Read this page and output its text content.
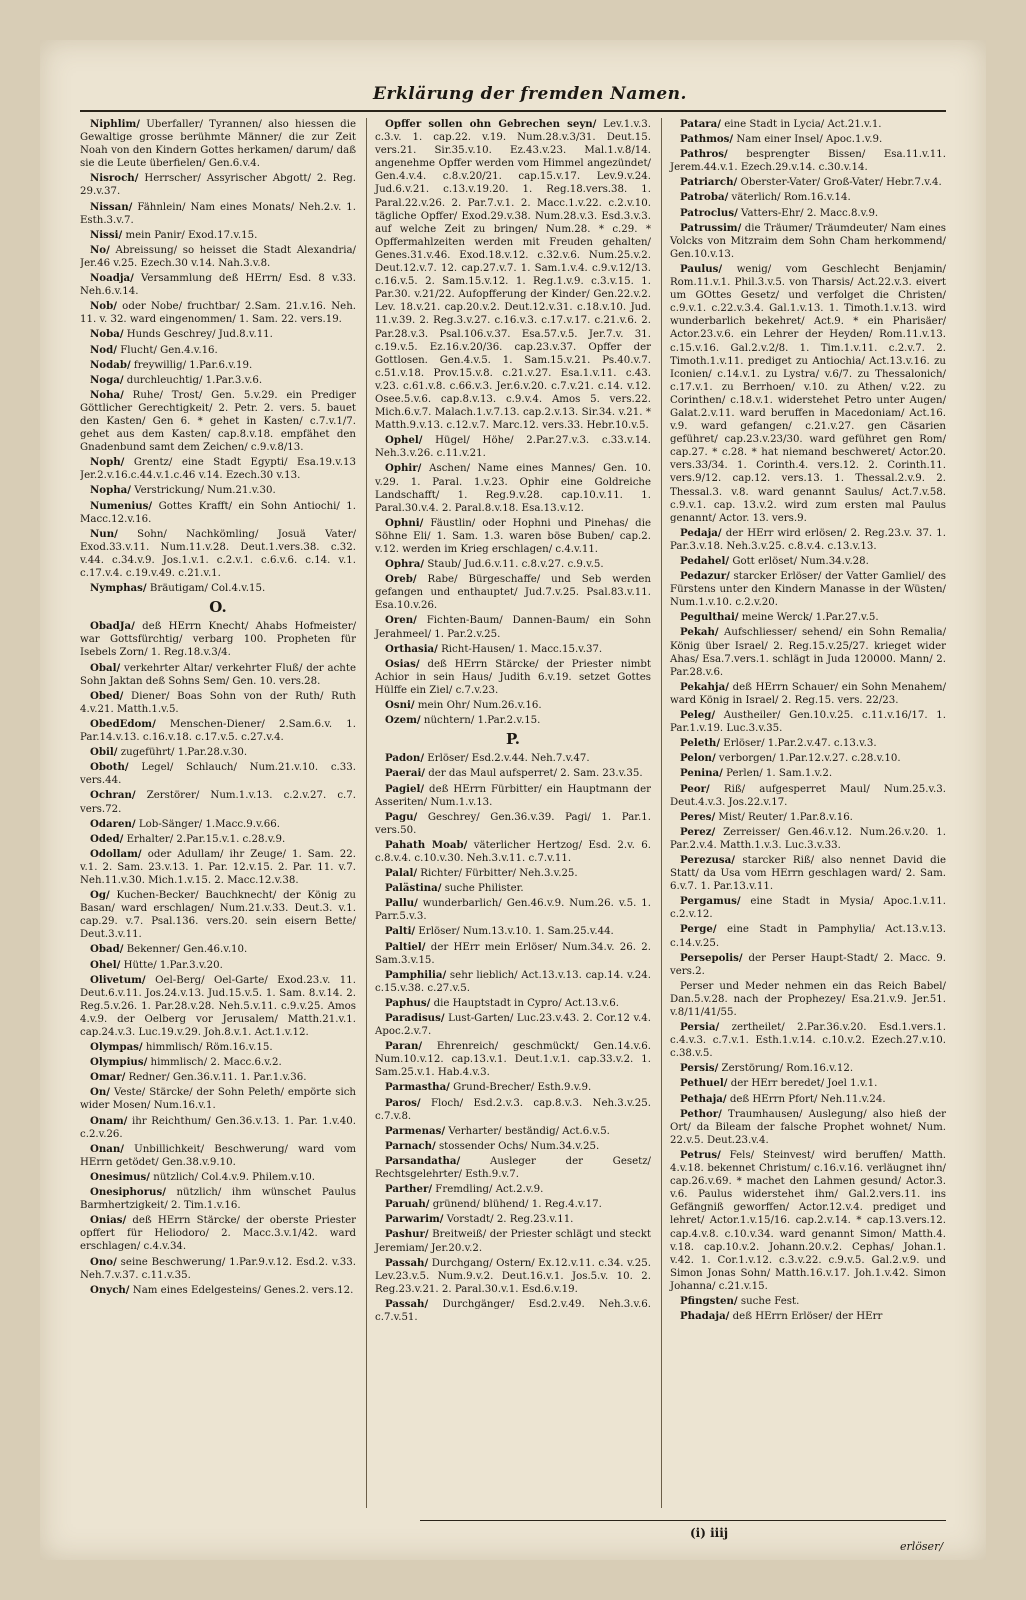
Erklärung der fremden Namen.
Niphlim/ Uberfaller/ Tyrannen/ also hiessen die Gewaltige grosse berühmte Männer/ die zur Zeit Noah von den Kindern Gottes herkamen/ darum/ daß sie die Leute überfielen/ Gen.6.v.4.
Nisroch/ Herrscher/ Assyrischer Abgott/ 2. Reg. 29.v.37.
Nissan/ Fähnlein/ Nam eines Monats/ Neh.2.v. 1. Esth.3.v.7.
Nissi/ mein Panir/ Exod.17.v.15.
No/ Abreissung/ so heisset die Stadt Alexandria/ Jer.46 v.25. Ezech.30 v.14. Nah.3.v.8.
Noadja/ Versammlung deß HErrn/ Esd. 8 v.33. Neh.6.v.14.
Nob/ oder Nobe/ fruchtbar/ 2.Sam. 21.v.16. Neh. 11. v. 32. ward eingenommen/ 1. Sam. 22. vers.19.
Noba/ Hunds Geschrey/ Jud.8.v.11.
Nod/ Flucht/ Gen.4.v.16.
Nodab/ freywillig/ 1.Par.6.v.19.
Noga/ durchleuchtig/ 1.Par.3.v.6.
Noha/ Ruhe/ Trost/ Gen. 5.v.29. ein Prediger Göttlicher Gerechtigkeit/ 2. Petr. 2. vers. 5. bauet den Kasten/ Gen 6. * gehet in Kasten/ c.7.v.1/7. gehet aus dem Kasten/ cap.8.v.18. empfähet den Gnadenbund samt dem Zeichen/ c.9.v.8/13.
Noph/ Grentz/ eine Stadt Egypti/ Esa.19.v.13 Jer.2.v.16.c.44.v.1.c.46 v.14. Ezech.30 v.13.
Nopha/ Verstrickung/ Num.21.v.30.
Numenius/ Gottes Krafft/ ein Sohn Antiochi/ 1. Macc.12.v.16.
Nun/ Sohn/ Nachkömling/ Josuä Vater/ Exod.33.v.11. Num.11.v.28. Deut.1.vers.38. c.32. v.44. c.34.v.9. Jos.1.v.1. c.2.v.1. c.6.v.6. c.14. v.1. c.17.v.4. c.19.v.49. c.21.v.1.
Nymphas/ Bräutigam/ Col.4.v.15.
O.
ObadJa/ deß HErrn Knecht/ Ahabs Hofmeister/ war Gottsfürchtig/ verbarg 100. Propheten für Isebels Zorn/ 1. Reg.18.v.3/4.
Obal/ verkehrter Altar/ verkehrter Fluß/ der achte Sohn Jaktan deß Sohns Sem/ Gen. 10. vers.28.
Obed/ Diener/ Boas Sohn von der Ruth/ Ruth 4.v.21. Matth.1.v.5.
ObedEdom/ Menschen-Diener/ 2.Sam.6.v. 1. Par.14.v.13. c.16.v.18. c.17.v.5. c.27.v.4.
Obil/ zugeführt/ 1.Par.28.v.30.
Oboth/ Legel/ Schlauch/ Num.21.v.10. c.33. vers.44.
Ochran/ Zerstörer/ Num.1.v.13. c.2.v.27. c.7. vers.72.
Odaren/ Lob-Sänger/ 1.Macc.9.v.66.
Oded/ Erhalter/ 2.Par.15.v.1. c.28.v.9.
Odollam/ oder Adullam/ ihr Zeuge/ 1. Sam. 22. v.1. 2. Sam. 23.v.13. 1. Par. 12.v.15. 2. Par. 11. v.7. Neh.11.v.30. Mich.1.v.15. 2. Macc.12.v.38.
Og/ Kuchen-Becker/ Bauchknecht/ der König zu Basan/ ward erschlagen/ Num.21.v.33. Deut.3. v.1. cap.29. v.7. Psal.136. vers.20. sein eisern Bette/ Deut.3.v.11.
Obad/ Bekenner/ Gen.46.v.10.
Ohel/ Hütte/ 1.Par.3.v.20.
Olivetum/ Oel-Berg/ Oel-Garte/ Exod.23.v. 11. Deut.6.v.11. Jos.24.v.13. Jud.15.v.5. 1. Sam. 8.v.14. 2. Reg.5.v.26. 1. Par.28.v.28. Neh.5.v.11. c.9.v.25. Amos 4.v.9. der Oelberg vor Jerusalem/ Matth.21.v.1. cap.24.v.3. Luc.19.v.29. Joh.8.v.1. Act.1.v.12.
Olympas/ himmlisch/ Röm.16.v.15.
Olympius/ himmlisch/ 2. Macc.6.v.2.
Omar/ Redner/ Gen.36.v.11. 1. Par.1.v.36.
On/ Veste/ Stärcke/ der Sohn Peleth/ empörte sich wider Mosen/ Num.16.v.1.
Onam/ ihr Reichthum/ Gen.36.v.13. 1. Par. 1.v.40. c.2.v.26.
Onan/ Unbillichkeit/ Beschwerung/ ward vom HErrn getödet/ Gen.38.v.9.10.
Onesimus/ nützlich/ Col.4.v.9. Philem.v.10.
Onesiphorus/ nützlich/ ihm wünschet Paulus Barmhertzigkeit/ 2. Tim.1.v.16.
Onias/ deß HErrn Stärcke/ der oberste Priester opffert für Heliodoro/ 2. Macc.3.v.1/42. ward erschlagen/ c.4.v.34.
Ono/ seine Beschwerung/ 1.Par.9.v.12. Esd.2. v.33. Neh.7.v.37. c.11.v.35.
Onych/ Nam eines Edelgesteins/ Genes.2. vers.12.
Opffer sollen ohn Gebrechen seyn/ Lev.1.v.3. c.3.v. 1. cap.22. v.19. Num.28.v.3/31. Deut.15. vers.21. Sir.35.v.10. Ez.43.v.23. Mal.1.v.8/14. angenehme Opffer werden vom Himmel angezündet/ Gen.4.v.4. c.8.v.20/21. cap.15.v.17. Lev.9.v.24. Jud.6.v.21. c.13.v.19.20. 1. Reg.18.vers.38. 1. Paral.22.v.26. 2. Par.7.v.1. 2. Macc.1.v.22. c.2.v.10. tägliche Opffer/ Exod.29.v.38. Num.28.v.3. Esd.3.v.3. auf welche Zeit zu bringen/ Num.28. * c.29. * Opffermahlzeiten werden mit Freuden gehalten/ Genes.31.v.46. Exod.18.v.12. c.32.v.6. Num.25.v.2. Deut.12.v.7. 12. cap.27.v.7. 1. Sam.1.v.4. c.9.v.12/13. c.16.v.5. 2. Sam.15.v.12. 1. Reg.1.v.9. c.3.v.15. 1. Par.30. v.21/22. Aufopfferung der Kinder/ Gen.22.v.2. Lev. 18.v.21. cap.20.v.2. Deut.12.v.31. c.18.v.10. Jud. 11.v.39. 2. Reg.3.v.27. c.16.v.3. c.17.v.17. c.21.v.6. 2. Par.28.v.3. Psal.106.v.37. Esa.57.v.5. Jer.7.v. 31. c.19.v.5. Ez.16.v.20/36. cap.23.v.37. Opffer der Gottlosen. Gen.4.v.5. 1. Sam.15.v.21. Ps.40.v.7. c.51.v.18. Prov.15.v.8. c.21.v.27. Esa.1.v.11. c.43. v.23. c.61.v.8. c.66.v.3. Jer.6.v.20. c.7.v.21. c.14. v.12. Osee.5.v.6. cap.8.v.13. c.9.v.4. Amos 5. vers.22. Mich.6.v.7. Malach.1.v.7.13. cap.2.v.13. Sir.34. v.21. * Matth.9.v.13. c.12.v.7. Marc.12. vers.33. Hebr.10.v.5.
Ophel/ Hügel/ Höhe/ 2.Par.27.v.3. c.33.v.14. Neh.3.v.26. c.11.v.21.
Ophir/ Aschen/ Name eines Mannes/ Gen. 10. v.29. 1. Paral. 1.v.23. Ophir eine Goldreiche Landschafft/ 1. Reg.9.v.28. cap.10.v.11. 1. Paral.30.v.4. 2. Paral.8.v.18. Esa.13.v.12.
Ophni/ Fäustlin/ oder Hophni und Pinehas/ die Söhne Eli/ 1. Sam. 1.3. waren böse Buben/ cap.2. v.12. werden im Krieg erschlagen/ c.4.v.11.
Ophra/ Staub/ Jud.6.v.11. c.8.v.27. c.9.v.5.
Oreb/ Rabe/ Bürgeschaffe/ und Seb werden gefangen und enthauptet/ Jud.7.v.25. Psal.83.v.11. Esa.10.v.26.
Oren/ Fichten-Baum/ Dannen-Baum/ ein Sohn Jerahmeel/ 1. Par.2.v.25.
Orthasia/ Richt-Hausen/ 1. Macc.15.v.37.
Osias/ deß HErrn Stärcke/ der Priester nimbt Achior in sein Haus/ Judith 6.v.19. setzet Gottes Hülffe ein Ziel/ c.7.v.23.
Osni/ mein Ohr/ Num.26.v.16.
Ozem/ nüchtern/ 1.Par.2.v.15.
P.
Padon/ Erlöser/ Esd.2.v.44. Neh.7.v.47.
Paerai/ der das Maul aufsperret/ 2. Sam. 23.v.35.
Pagiel/ deß HErrn Fürbitter/ ein Hauptmann der Asseriten/ Num.1.v.13.
Pagu/ Geschrey/ Gen.36.v.39. Pagi/ 1. Par.1. vers.50.
Pahath Moab/ väterlicher Hertzog/ Esd. 2.v. 6. c.8.v.4. c.10.v.30. Neh.3.v.11. c.7.v.11.
Palal/ Richter/ Fürbitter/ Neh.3.v.25.
Palästina/ suche Philister.
Pallu/ wunderbarlich/ Gen.46.v.9. Num.26. v.5. 1. Parr.5.v.3.
Palti/ Erlöser/ Num.13.v.10. 1. Sam.25.v.44.
Paltiel/ der HErr mein Erlöser/ Num.34.v. 26. 2. Sam.3.v.15.
Pamphilia/ sehr lieblich/ Act.13.v.13. cap.14. v.24. c.15.v.38. c.27.v.5.
Paphus/ die Hauptstadt in Cypro/ Act.13.v.6.
Paradisus/ Lust-Garten/ Luc.23.v.43. 2. Cor.12 v.4. Apoc.2.v.7.
Paran/ Ehrenreich/ geschmückt/ Gen.14.v.6. Num.10.v.12. cap.13.v.1. Deut.1.v.1. cap.33.v.2. 1. Sam.25.v.1. Hab.4.v.3.
Parmastha/ Grund-Brecher/ Esth.9.v.9.
Paros/ Floch/ Esd.2.v.3. cap.8.v.3. Neh.3.v.25. c.7.v.8.
Parmenas/ Verharter/ beständig/ Act.6.v.5.
Parnach/ stossender Ochs/ Num.34.v.25.
Parsandatha/ Ausleger der Gesetz/ Rechtsgelehrter/ Esth.9.v.7.
Parther/ Fremdling/ Act.2.v.9.
Paruah/ grünend/ blühend/ 1. Reg.4.v.17.
Parwarim/ Vorstadt/ 2. Reg.23.v.11.
Pashur/ Breitweiß/ der Priester schlägt und steckt Jeremiam/ Jer.20.v.2.
Passah/ Durchgang/ Ostern/ Ex.12.v.11. c.34. v.25. Lev.23.v.5. Num.9.v.2. Deut.16.v.1. Jos.5.v. 10. 2. Reg.23.v.21. 2. Paral.30.v.1. Esd.6.v.19.
Passah/ Durchgänger/ Esd.2.v.49. Neh.3.v.6. c.7.v.51.
Patara/ eine Stadt in Lycia/ Act.21.v.1.
Pathmos/ Nam einer Insel/ Apoc.1.v.9.
Pathros/ besprengter Bissen/ Esa.11.v.11. Jerem.44.v.1. Ezech.29.v.14. c.30.v.14.
Patriarch/ Oberster-Vater/ Groß-Vater/ Hebr.7.v.4.
Patroba/ väterlich/ Rom.16.v.14.
Patroclus/ Vatters-Ehr/ 2. Macc.8.v.9.
Patrussim/ die Träumer/ Träumdeuter/ Nam eines Volcks von Mitzraim dem Sohn Cham herkommend/ Gen.10.v.13.
Paulus/ wenig/ vom Geschlecht Benjamin/ Rom.11.v.1. Phil.3.v.5. von Tharsis/ Act.22.v.3. eivert um GOttes Gesetz/ und verfolget die Christen/ c.9.v.1. c.22.v.3.4. Gal.1.v.13. 1. Timoth.1.v.13. wird wunderbarlich bekehret/ Act.9. * ein Pharisäer/ Actor.23.v.6. ein Lehrer der Heyden/ Rom.11.v.13. c.15.v.16. Gal.2.v.2/8. 1. Tim.1.v.11. c.2.v.7. 2. Timoth.1.v.11. prediget zu Antiochia/ Act.13.v.16. zu Iconien/ c.14.v.1. zu Lystra/ v.6/7. zu Thessalonich/ c.17.v.1. zu Berrhoen/ v.10. zu Athen/ v.22. zu Corinthen/ c.18.v.1. widerstehet Petro unter Augen/ Galat.2.v.11. ward beruffen in Macedoniam/ Act.16. v.9. ward gefangen/ c.21.v.27. gen Cäsarien geführet/ cap.23.v.23/30. ward geführet gen Rom/ cap.27. * c.28. * hat niemand beschweret/ Actor.20. vers.33/34. 1. Corinth.4. vers.12. 2. Corinth.11. vers.9/12. cap.12. vers.13. 1. Thessal.2.v.9. 2. Thessal.3. v.8. ward genannt Saulus/ Act.7.v.58. c.9.v.1. cap. 13.v.2. wird zum ersten mal Paulus genannt/ Actor. 13. vers.9.
Pedaja/ der HErr wird erlösen/ 2. Reg.23.v. 37. 1. Par.3.v.18. Neh.3.v.25. c.8.v.4. c.13.v.13.
Pedahel/ Gott erlöset/ Num.34.v.28.
Pedazur/ starcker Erlöser/ der Vatter Gamliel/ des Fürstens unter den Kindern Manasse in der Wüsten/ Num.1.v.10. c.2.v.20.
Pegulthai/ meine Werck/ 1.Par.27.v.5.
Pekah/ Aufschliesser/ sehend/ ein Sohn Remalia/ König über Israel/ 2. Reg.15.v.25/27. krieget wider Ahas/ Esa.7.vers.1. schlägt in Juda 120000. Mann/ 2. Par.28.v.6.
Pekahja/ deß HErrn Schauer/ ein Sohn Menahem/ ward König in Israel/ 2. Reg.15. vers. 22/23.
Peleg/ Austheiler/ Gen.10.v.25. c.11.v.16/17. 1. Par.1.v.19. Luc.3.v.35.
Peleth/ Erlöser/ 1.Par.2.v.47. c.13.v.3.
Pelon/ verborgen/ 1.Par.12.v.27. c.28.v.10.
Penina/ Perlen/ 1. Sam.1.v.2.
Peor/ Riß/ aufgesperret Maul/ Num.25.v.3. Deut.4.v.3. Jos.22.v.17.
Peres/ Mist/ Reuter/ 1.Par.8.v.16.
Perez/ Zerreisser/ Gen.46.v.12. Num.26.v.20. 1. Par.2.v.4. Matth.1.v.3. Luc.3.v.33.
Perezusa/ starcker Riß/ also nennet David die Statt/ da Usa vom HErrn geschlagen ward/ 2. Sam. 6.v.7. 1. Par.13.v.11.
Pergamus/ eine Stadt in Mysia/ Apoc.1.v.11. c.2.v.12.
Perge/ eine Stadt in Pamphylia/ Act.13.v.13. c.14.v.25.
Persepolis/ der Perser Haupt-Stadt/ 2. Macc. 9. vers.2.
Perser und Meder nehmen ein das Reich Babel/ Dan.5.v.28. nach der Prophezey/ Esa.21.v.9. Jer.51. v.8/11/41/55.
Persia/ zertheilet/ 2.Par.36.v.20. Esd.1.vers.1. c.4.v.3. c.7.v.1. Esth.1.v.14. c.10.v.2. Ezech.27.v.10. c.38.v.5.
Persis/ Zerstörung/ Rom.16.v.12.
Pethuel/ der HErr beredet/ Joel 1.v.1.
Pethaja/ deß HErrn Pfort/ Neh.11.v.24.
Pethor/ Traumhausen/ Auslegung/ also hieß der Ort/ da Bileam der falsche Prophet wohnet/ Num. 22.v.5. Deut.23.v.4.
Petrus/ Fels/ Steinvest/ wird beruffen/ Matth. 4.v.18. bekennet Christum/ c.16.v.16. verläugnet ihn/ cap.26.v.69. * machet den Lahmen gesund/ Actor.3. v.6. Paulus widerstehet ihm/ Gal.2.vers.11. ins Gefängniß geworffen/ Actor.12.v.4. prediget und lehret/ Actor.1.v.15/16. cap.2.v.14. * cap.13.vers.12. cap.4.v.8. c.10.v.34. ward genannt Simon/ Matth.4. v.18. cap.10.v.2. Johann.20.v.2. Cephas/ Johan.1. v.42. 1. Cor.1.v.12. c.3.v.22. c.9.v.5. Gal.2.v.9. und Simon Jonas Sohn/ Matth.16.v.17. Joh.1.v.42. Simon Johanna/ c.21.v.15.
Pfingsten/ suche Fest.
Phadaja/ deß HErrn Erlöser/ der HErr
(i) iiij
erlöser/
